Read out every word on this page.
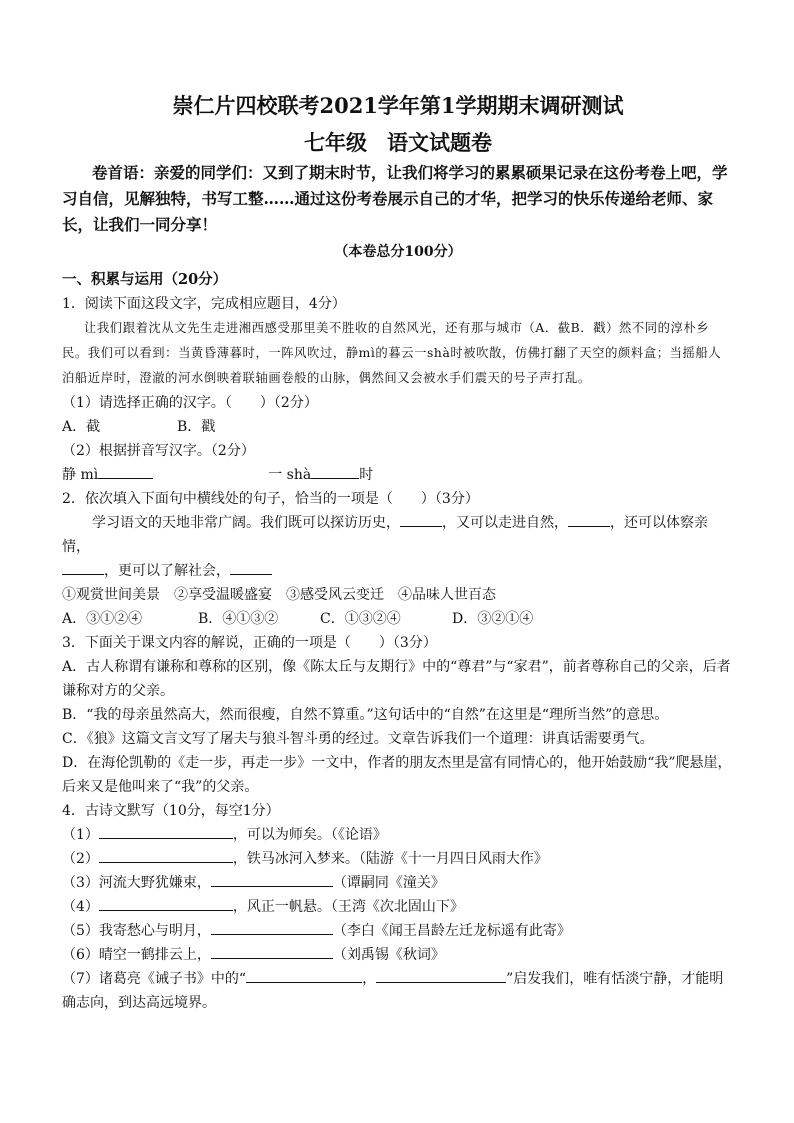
崇仁片四校联考2021学年第1学期期末调研测试

七年级 语文试题卷

卷首语：亲爱的同学们：又到了期末时节，让我们将学习的累累硕果记录在这份考卷上吧，学习自信，见解独特，书写工整……通过这份考卷展示自己的才华，把学习的快乐传递给老师、家长，让我们一同分享！

（本卷总分100分）

一、积累与运用（20分）

1．阅读下面这段文字，完成相应题目，4分）

让我们跟着沈从文先生走进湘西感受那里美不胜收的自然风光，还有那与城市（A．截B．戳）然不同的淳朴乡民。我们可以看到：当黄昏薄暮时，一阵风吹过，静mì的暮云一shà时被吹散，仿佛打翻了天空的颜料盒；当摇船人泊船近岸时，澄澈的河水倒映着联轴画卷般的山脉，偶然间又会被水手们震天的号子声打乱。

（1）请选择正确的汉字。（　　）（2分）

A．截	B．戳

（2）根据拼音写汉字。（2分）

静 mì	一 shà	时

2．依次填入下面句中横线处的句子，恰当的一项是（　　）（3分）

学习语文的天地非常广阔。我们既可以探访历史，	，又可以走进自然，	，还可以体察亲情，

，更可以了解社会，

①观赏世间美景　②享受温暖盛宴　③感受风云变迁　④品味人世百态

A．③①②④	B．④①③②	C．①③②④	D．③②①④

3．下面关于课文内容的解说，正确的一项是（　　）（3分）

A．古人称谓有谦称和尊称的区别，像《陈太丘与友期行》中的“尊君”与“家君”，前者尊称自己的父亲，后者谦称对方的父亲。

B．“我的母亲虽然高大，然而很瘦，自然不算重。”这句话中的“自然”在这里是“理所当然”的意思。

C．《狼》这篇文言文写了屠夫与狼斗智斗勇的经过。文章告诉我们一个道理：讲真话需要勇气。

D．在海伦凯勒的《走一步，再走一步》一文中，作者的朋友杰里是富有同情心的，他开始鼓励“我”爬悬崖，后来又是他叫来了“我”的父亲。

4．古诗文默写（10分，每空1分）

（1）	，可以为师矣。（《论语》

（2）	，铁马冰河入梦来。（陆游《十一月四日风雨大作》

（3）河流大野犹嫌束，	（谭嗣同《潼关》

（4）	，风正一帆悬。（王湾《次北固山下》

（5）我寄愁心与明月，	（李白《闻王昌龄左迁龙标遥有此寄》

（6）晴空一鹤排云上，	（刘禹锡《秋词》

（7）诸葛亮《诫子书》中的“	，	”启发我们，唯有恬淡宁静，才能明确志向，到达高远境界。
